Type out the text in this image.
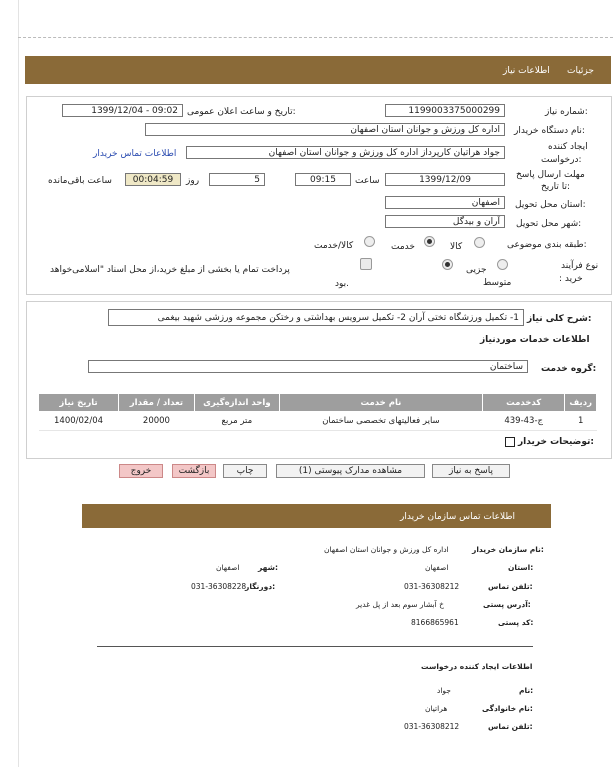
جزئیات
اطلاعات نیاز
شماره نیاز:
1199003375000299
تاریخ و ساعت اعلان عمومی:
1399/12/04 - 09:02
نام دستگاه خریدار:
اداره کل ورزش و جوانان استان اصفهان
ایجاد کننده
درخواست:
جواد هراتیان کارپرداز اداره کل ورزش و جوانان استان اصفهان
اطلاعات تماس خریدار
مهلت ارسال پاسخ
تا تاریخ:
1399/12/09
ساعت
09:15
5
روز
00:04:59
ساعت باقی‌مانده
استان محل تحویل:
اصفهان
شهر محل تحویل:
آران و بیدگل
طبقه بندی موضوعی:
کالا
خدمت
کالا/خدمت
نوع فرآیند
: خرید
جزیی
متوسط
پرداخت تمام یا بخشی از مبلغ خرید،از محل اسناد "اسلامی‌خواهد
بود.
شرح کلی نیاز:
1- تکمیل ورزشگاه تختی آران 2- تکمیل سرویس بهداشتی و رختکن مجموعه ورزشی شهید بیغمی
اطلاعات خدمات موردنیاز
گروه خدمت:
ساختمان
تاریخ نیاز	تعداد / مقدار	واحد اندازه‌گیری	نام خدمت	کدخدمت	ردیف
1400/02/04	20000	متر مربع	سایر فعالیتهای تخصصی ساختمان	ج-43-439	1
توضیحات خریدار:
پاسخ به نیاز
مشاهده مدارک پیوستی (1)
چاپ
بازگشت
خروج
اطلاعات تماس سازمان خریدار
نام سازمان خریدار:
اداره کل ورزش و جوانان استان اصفهان
استان:
اصفهان
شهر:
اصفهان
تلفن تماس:
031-36308212
دورنگار:
031-36308228
آدرس پستی:
خ آبشار سوم بعد از پل غدیر
کد پستی:
8166865961
اطلاعات ایجاد کننده درخواست
نام:
جواد
نام خانوادگی:
هراتیان
تلفن تماس:
031-36308212
